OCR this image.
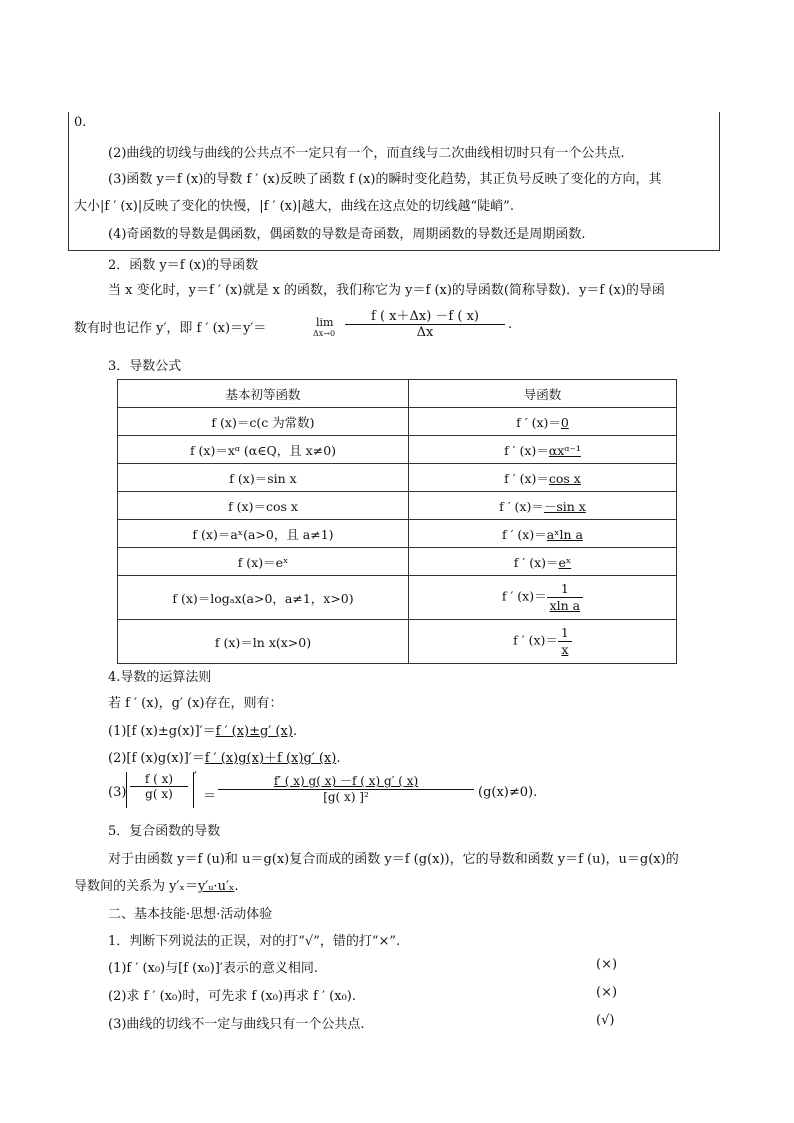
0.
(2)曲线的切线与曲线的公共点不一定只有一个，而直线与二次曲线相切时只有一个公共点.
(3)函数 y＝f (x)的导数 f ′ (x)反映了函数 f (x)的瞬时变化趋势，其正负号反映了变化的方向，其
大小|f ′ (x)|反映了变化的快慢，|f ′ (x)|越大，曲线在这点处的切线越“陡峭”.
(4)奇函数的导数是偶函数，偶函数的导数是奇函数，周期函数的导数还是周期函数.
2．函数 y＝f (x)的导函数
当 x 变化时，y＝f ′ (x)就是 x 的函数，我们称它为 y＝f (x)的导函数(简称导数)．y＝f (x)的导函
数有时也记作 y′，即 f ′ (x)＝y′＝	lim
$\Delta x\to 0 \frac{f ( x+\Delta x) -f ( x)}{\Delta x}$ .
3．导数公式
基本初等函数	导函数
f (x)＝c(c 为常数)	f ′ (x)＝0
f (x)＝xᵅ (α∈Q，且 x≠0)	f ′ (x)＝αxᵅ⁻¹
f (x)＝sin x	f ′ (x)＝cos x
f (x)＝cos x	f ′ (x)＝－sin x
f (x)＝aˣ(a>0，且 a≠1)	f ′ (x)＝aˣln a
f (x)＝eˣ	f ′ (x)＝eˣ
f (x)＝logₐx(a>0，a≠1，x>0)	f ′ $(x)= \frac{1}{\text{xln a}}$

f (x)＝ln x(x>0)	f ′ $(x)= \frac{1}{x}$
4.导数的运算法则
若 f ′ (x)，g′ (x)存在，则有：
(1)[f (x)±g(x)]′＝f ′ (x)±g′ (x).
(2)[f (x)g(x)]′＝f ′ (x)g(x)＋f (x)g′ (x).
$(3) \frac{f ( x)}{g( x)}$ ′
＝ $\frac{f' ( x) g( x) -f ( x) g' ( x)}{\text{[g( x) ]²}} (g(x)\ne 0)$.
5．复合函数的导数
对于由函数 y＝f (u)和 u＝g(x)复合而成的函数 y＝f (g(x))，它的导数和函数 y＝f (u)，u＝g(x)的
导数间的关系为 y′ₓ＝y′ᵤ·u′ₓ.
二、基本技能·思想·活动体验
1．判断下列说法的正误，对的打“√”，错的打“×”.
(1)f ′ (x₀)与[f (x₀)]′表示的意义相同.	(×)
(2)求 f ′ (x₀)时，可先求 f (x₀)再求 f ′ (x₀).	(×)
(3)曲线的切线不一定与曲线只有一个公共点.	(√)
